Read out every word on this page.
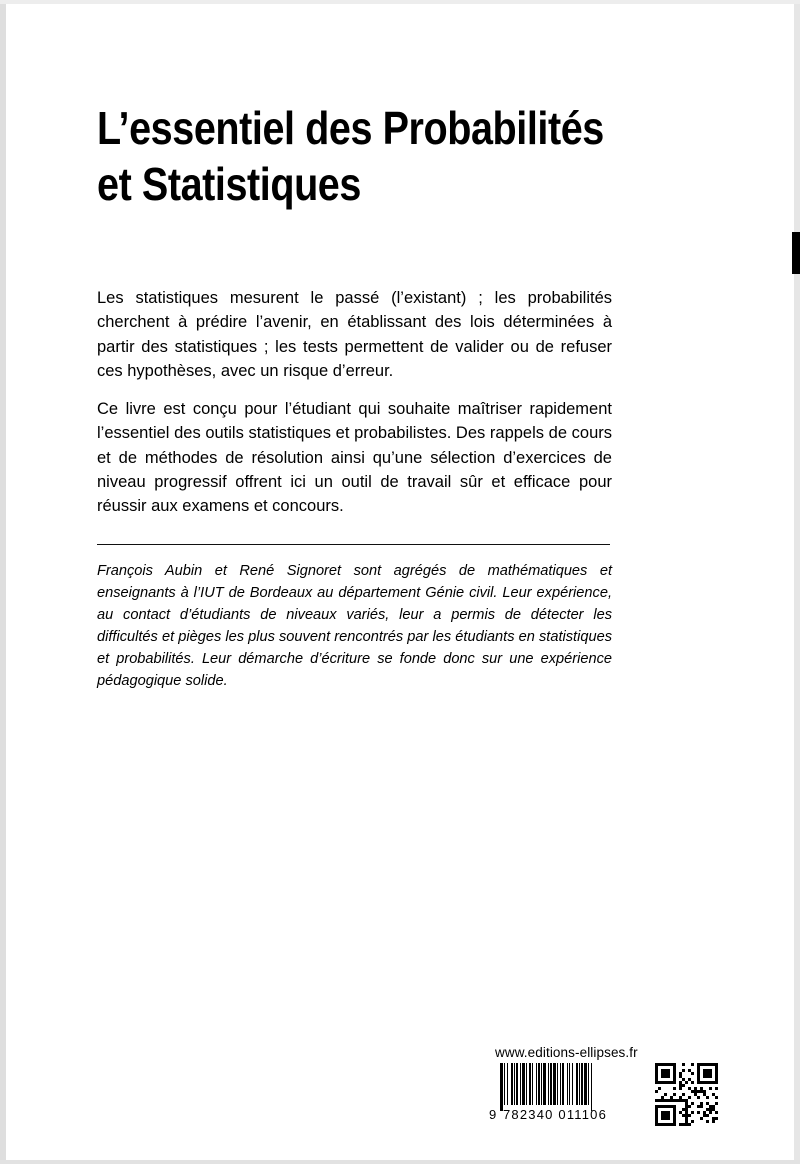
L’essentiel des Probabilités
et Statistiques

Les statistiques mesurent le passé (l’existant) ; les probabilités cherchent à prédire l’avenir, en établissant des lois déterminées à partir des statistiques ; les tests permettent de valider ou de refuser ces hypothèses, avec un risque d’erreur.

Ce livre est conçu pour l’étudiant qui souhaite maîtriser rapidement l’essentiel des outils statistiques et probabilistes. Des rappels de cours et de méthodes de résolution ainsi qu’une sélection d’exercices de niveau progressif offrent ici un outil de travail sûr et efficace pour réussir aux examens et concours.

François Aubin et René Signoret sont agrégés de mathématiques et enseignants à l’IUT de Bordeaux au département Génie civil. Leur expérience, au contact d’étudiants de niveaux variés, leur a permis de détecter les difficultés et pièges les plus souvent rencontrés par les étudiants en statistiques et probabilités. Leur démarche d’écriture se fonde donc sur une expérience pédagogique solide.

www.editions-ellipses.fr
9 782340 011106
